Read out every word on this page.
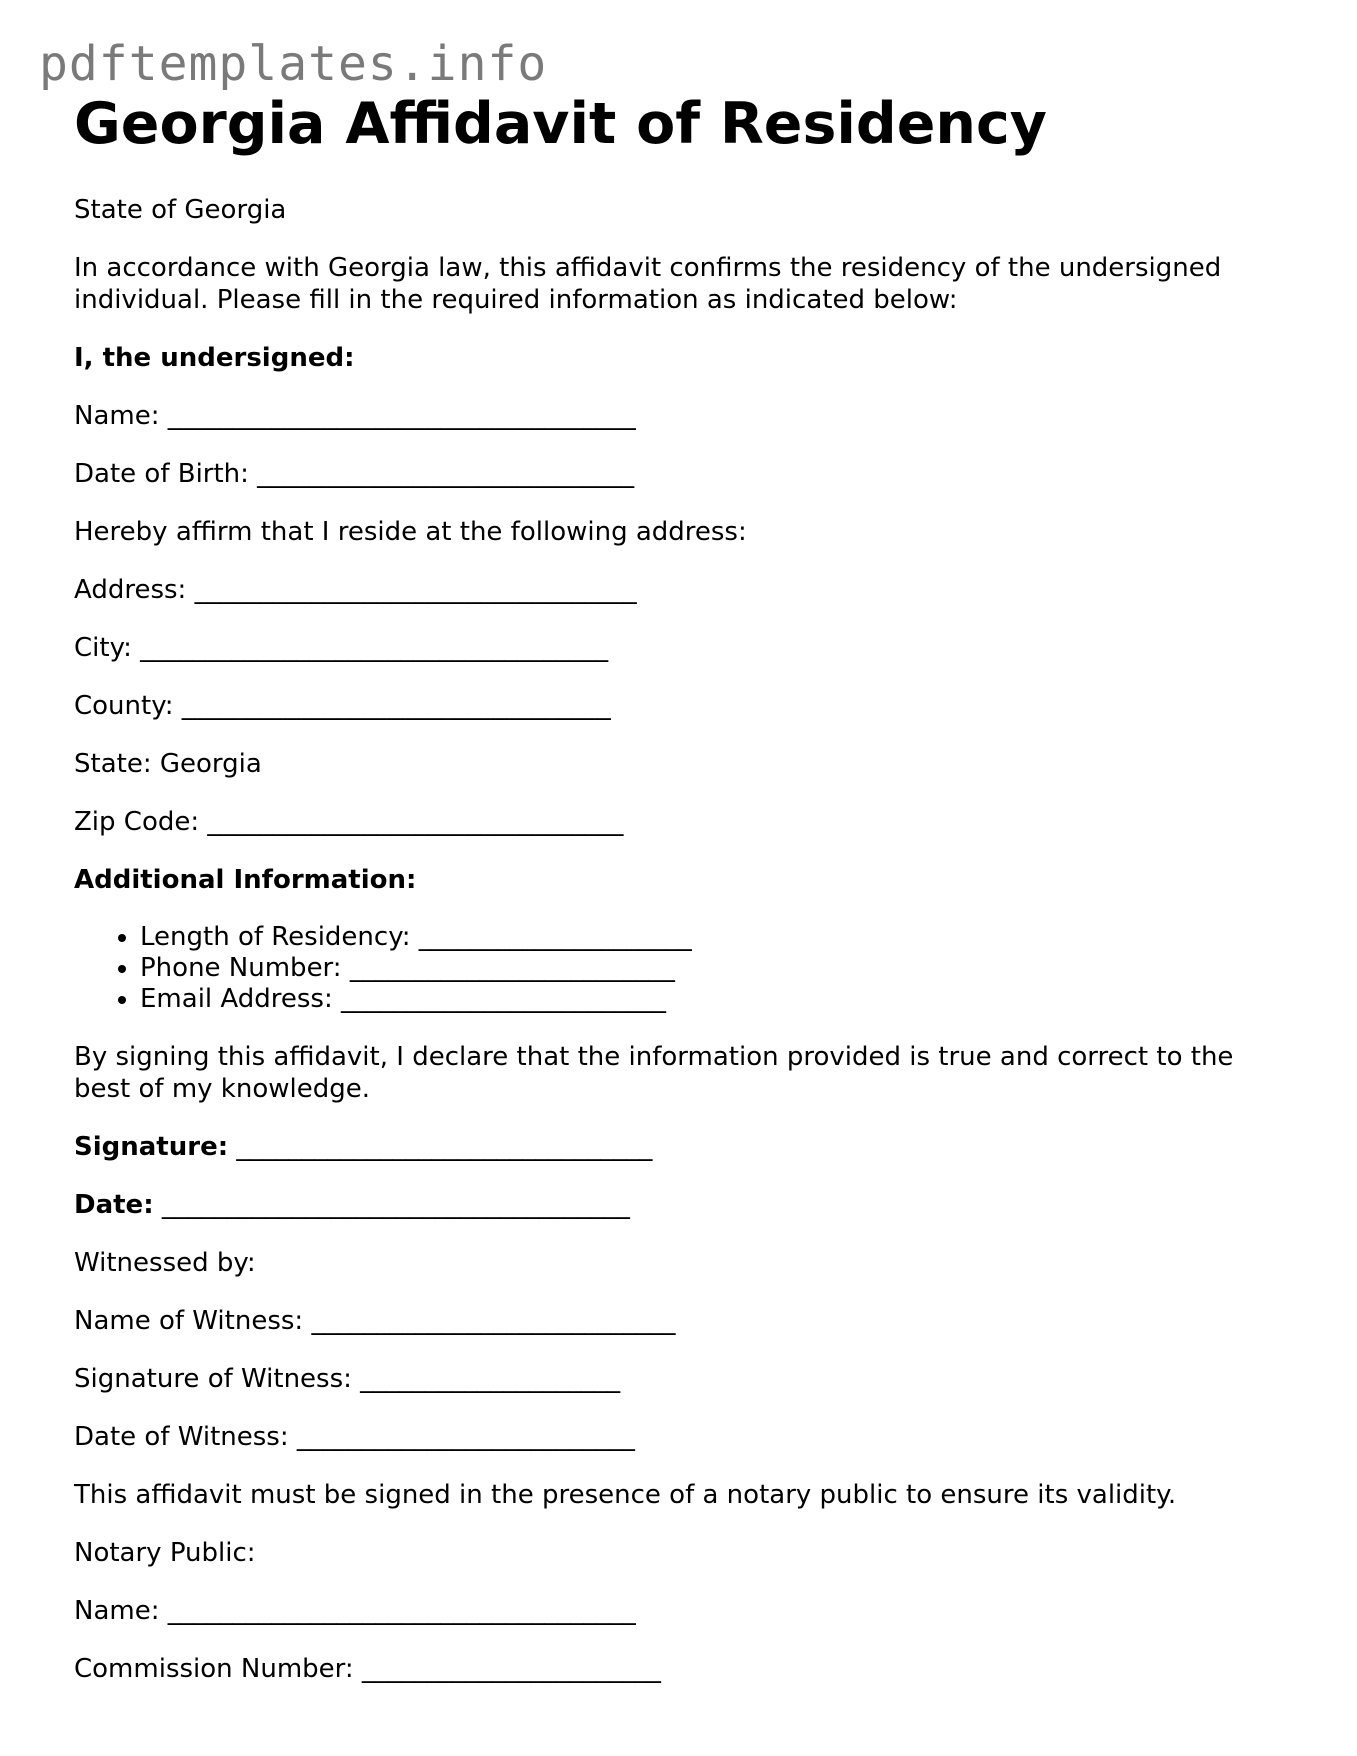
pdftemplates.info
Georgia Affidavit of Residency

State of Georgia

In accordance with Georgia law, this affidavit confirms the residency of the undersigned individual. Please fill in the required information as indicated below:

I, the undersigned:

Name: ____________________________________

Date of Birth: _____________________________

Hereby affirm that I reside at the following address:

Address: __________________________________

City: ____________________________________

County: _________________________________

State: Georgia

Zip Code: ________________________________

Additional Information:

• Length of Residency: _____________________
• Phone Number: _________________________
• Email Address: _________________________

By signing this affidavit, I declare that the information provided is true and correct to the best of my knowledge.

Signature: ________________________________

Date: ____________________________________

Witnessed by:

Name of Witness: ____________________________

Signature of Witness: ____________________

Date of Witness: __________________________

This affidavit must be signed in the presence of a notary public to ensure its validity.

Notary Public:

Name: ____________________________________

Commission Number: _______________________
